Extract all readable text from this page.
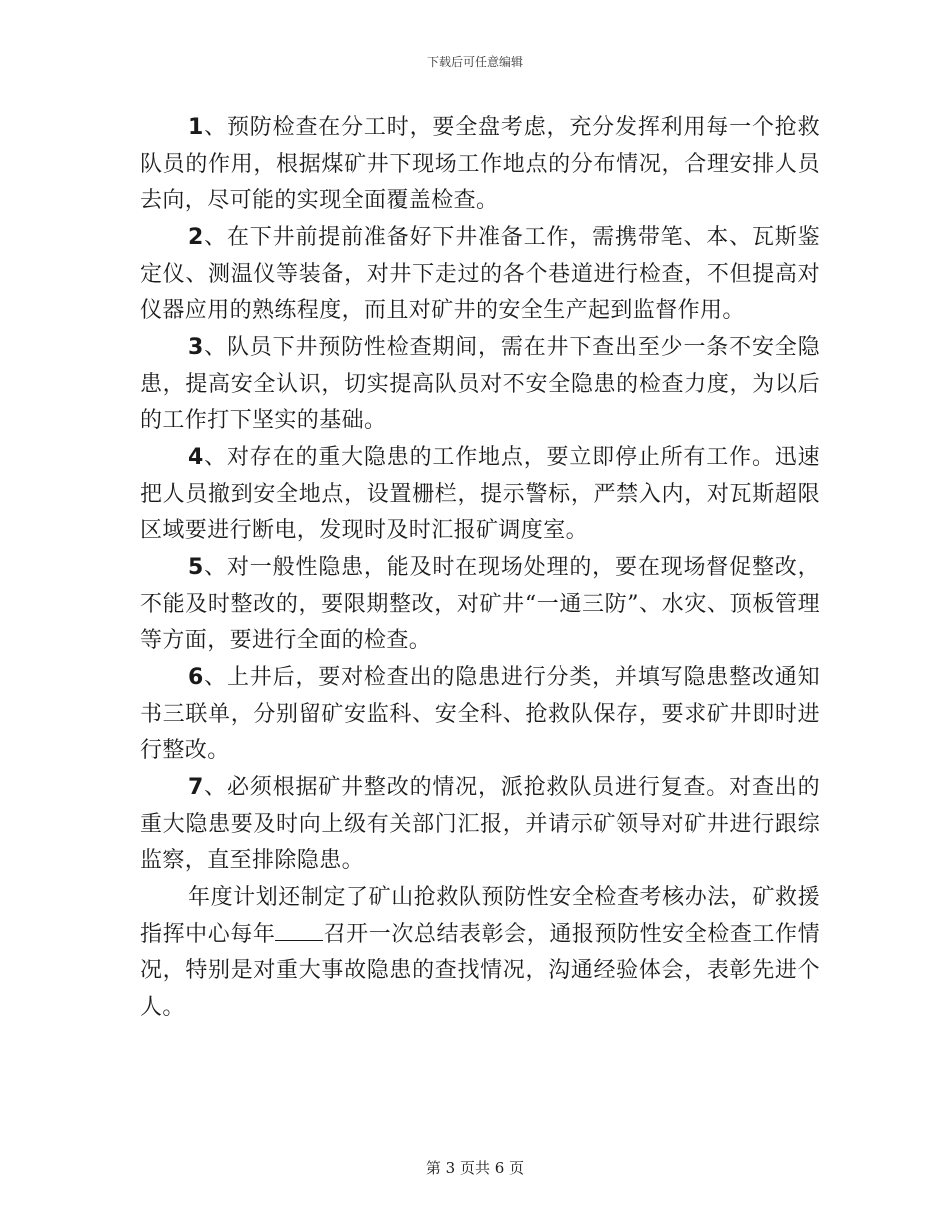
下载后可任意编辑

1、预防检查在分工时，要全盘考虑，充分发挥利用每一个抢救队员的作用，根据煤矿井下现场工作地点的分布情况，合理安排人员去向，尽可能的实现全面覆盖检查。

2、在下井前提前准备好下井准备工作，需携带笔、本、瓦斯鉴定仪、测温仪等装备，对井下走过的各个巷道进行检查，不但提高对仪器应用的熟练程度，而且对矿井的安全生产起到监督作用。

3、队员下井预防性检查期间，需在井下查出至少一条不安全隐患，提高安全认识，切实提高队员对不安全隐患的检查力度，为以后的工作打下坚实的基础。

4、对存在的重大隐患的工作地点，要立即停止所有工作。迅速把人员撤到安全地点，设置栅栏，提示警标，严禁入内，对瓦斯超限区域要进行断电，发现时及时汇报矿调度室。

5、对一般性隐患，能及时在现场处理的，要在现场督促整改，不能及时整改的，要限期整改，对矿井“一通三防”、水灾、顶板管理等方面，要进行全面的检查。

6、上井后，要对检查出的隐患进行分类，并填写隐患整改通知书三联单，分别留矿安监科、安全科、抢救队保存，要求矿井即时进行整改。

7、必须根据矿井整改的情况，派抢救队员进行复查。对查出的重大隐患要及时向上级有关部门汇报，并请示矿领导对矿井进行跟综监察，直至排除隐患。

年度计划还制定了矿山抢救队预防性安全检查考核办法，矿救援指挥中心每年 召开一次总结表彰会，通报预防性安全检查工作情况，特别是对重大事故隐患的查找情况，沟通经验体会，表彰先进个人。

第 3 页共 6 页
